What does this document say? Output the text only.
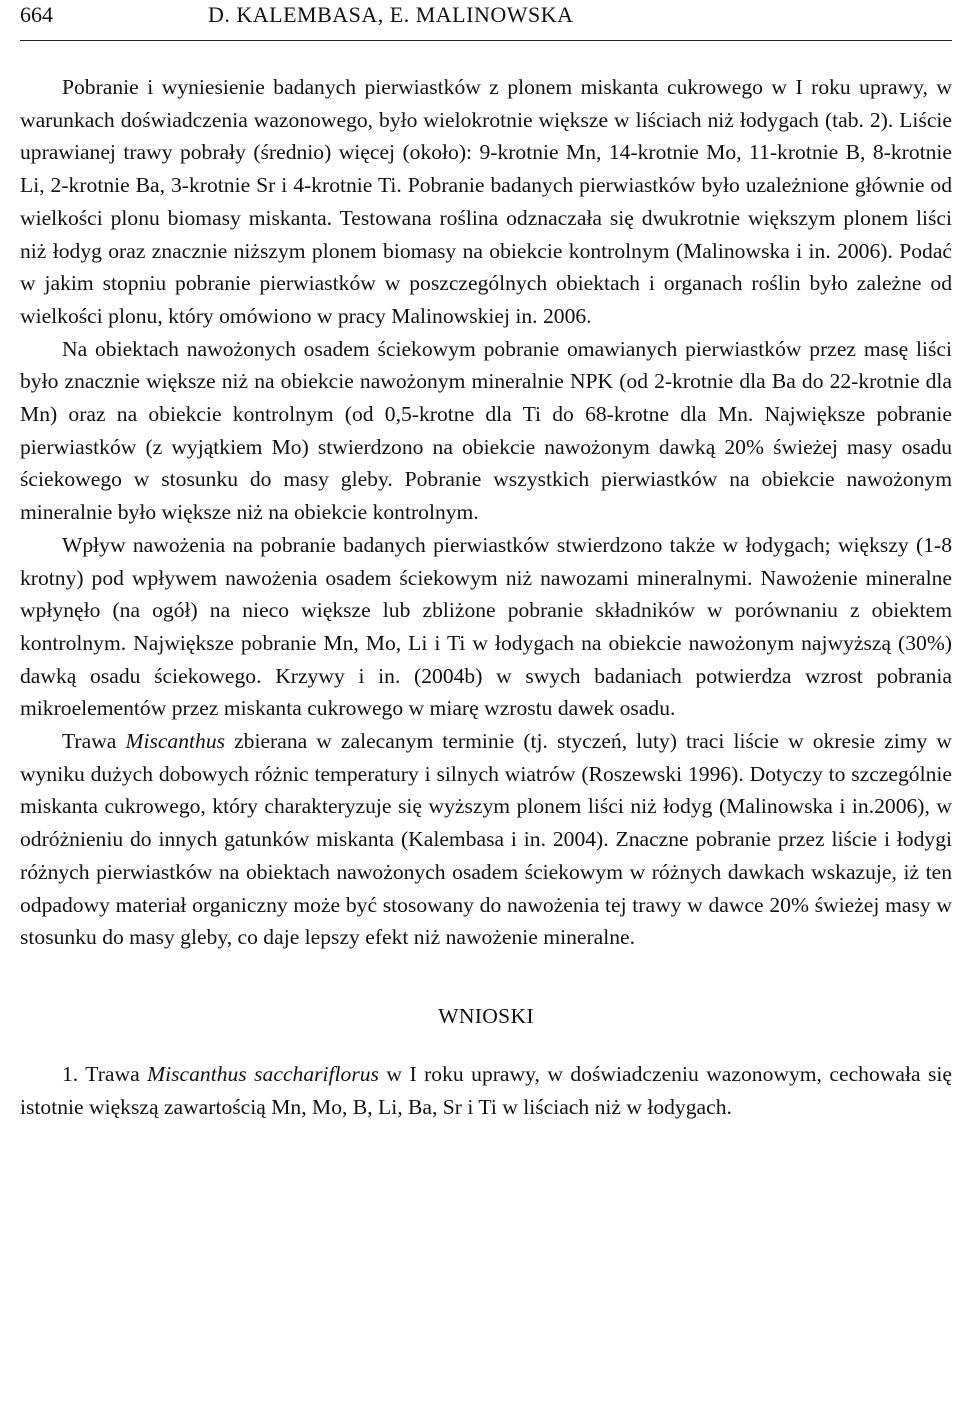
664	D. KALEMBASA, E. MALINOWSKA

Pobranie i wyniesienie badanych pierwiastków z plonem miskanta cukrowego w I roku uprawy, w warunkach doświadczenia wazonowego, było wielokrotnie większe w liściach niż łodygach (tab. 2). Liście uprawianej trawy pobrały (średnio) więcej (około): 9-krotnie Mn, 14-krotnie Mo, 11-krotnie B, 8-krotnie Li, 2-krotnie Ba, 3-krotnie Sr i 4-krotnie Ti. Pobranie badanych pierwiastków było uzależnione głównie od wielkości plonu biomasy miskanta. Testowana roślina odznaczała się dwukrotnie większym plonem liści niż łodyg oraz znacznie niższym plonem biomasy na obiekcie kontrolnym (Malinowska i in. 2006). Podać w jakim stopniu pobranie pierwiastków w poszczególnych obiektach i organach roślin było zależne od wielkości plonu, który omówiono w pracy Malinowskiej in. 2006.

Na obiektach nawożonych osadem ściekowym pobranie omawianych pierwiastków przez masę liści było znacznie większe niż na obiekcie nawożonym mineralnie NPK (od 2-krotnie dla Ba do 22-krotnie dla Mn) oraz na obiekcie kontrolnym (od 0,5-krotne dla Ti do 68-krotne dla Mn. Największe pobranie pierwiastków (z wyjątkiem Mo) stwierdzono na obiekcie nawożonym dawką 20% świeżej masy osadu ściekowego w stosunku do masy gleby. Pobranie wszystkich pierwiastków na obiekcie nawożonym mineralnie było większe niż na obiekcie kontrolnym.

Wpływ nawożenia na pobranie badanych pierwiastków stwierdzono także w łodygach; większy (1-8 krotny) pod wpływem nawożenia osadem ściekowym niż nawozami mineralnymi. Nawożenie mineralne wpłynęło (na ogół) na nieco większe lub zbliżone pobranie składników w porównaniu z obiektem kontrolnym. Największe pobranie Mn, Mo, Li i Ti w łodygach na obiekcie nawożonym najwyższą (30%) dawką osadu ściekowego. Krzywy i in. (2004b) w swych badaniach potwierdza wzrost pobrania mikroelementów przez miskanta cukrowego w miarę wzrostu dawek osadu.

Trawa Miscanthus zbierana w zalecanym terminie (tj. styczeń, luty) traci liście w okresie zimy w wyniku dużych dobowych różnic temperatury i silnych wiatrów (Roszewski 1996). Dotyczy to szczególnie miskanta cukrowego, który charakteryzuje się wyższym plonem liści niż łodyg (Malinowska i in.2006), w odróżnieniu do innych gatunków miskanta (Kalembasa i in. 2004). Znaczne pobranie przez liście i łodygi różnych pierwiastków na obiektach nawożonych osadem ściekowym w różnych dawkach wskazuje, iż ten odpadowy materiał organiczny może być stosowany do nawożenia tej trawy w dawce 20% świeżej masy w stosunku do masy gleby, co daje lepszy efekt niż nawożenie mineralne.

WNIOSKI

1. Trawa Miscanthus sacchariflorus w I roku uprawy, w doświadczeniu wazonowym, cechowała się istotnie większą zawartością Mn, Mo, B, Li, Ba, Sr i Ti w liściach niż w łodygach.
